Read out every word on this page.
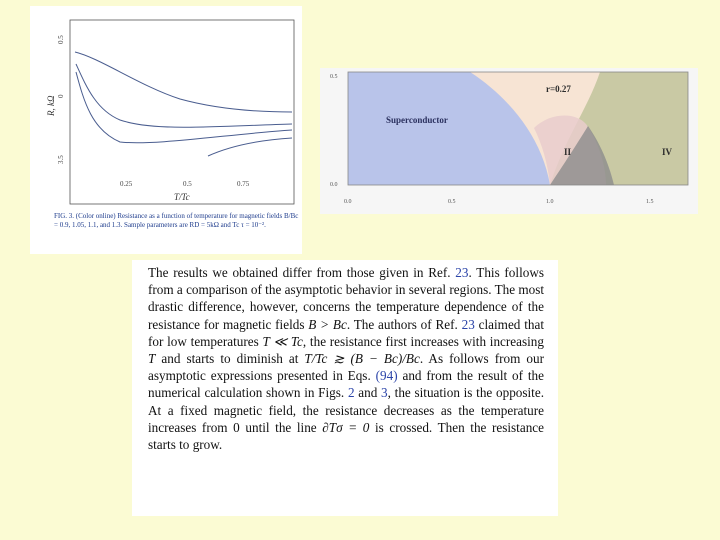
0.5
0
3.5
R, kΩ
0.25	0.5	0.75
T/Tc
FIG. 3. (Color online) Resistance as a function of temperature for magnetic fields B/Bc = 0.9, 1.05, 1.1, and 1.3. Sample parameters are RD = 5kΩ and Tc τ = 10⁻².
Superconductor
r=0.27
II	IV
0.5
0.0
0.0	0.5	1.0	1.5

The results we obtained differ from those given in Ref. 23. This follows from a comparison of the asymptotic behavior in several regions. The most drastic difference, however, concerns the temperature dependence of the resistance for magnetic fields B > Bc. The authors of Ref. 23 claimed that for low temperatures T ≪ Tc, the resistance first increases with increasing T and starts to diminish at T/Tc ≳ (B − Bc)/Bc. As follows from our asymptotic expressions presented in Eqs. (94) and from the result of the numerical calculation shown in Figs. 2 and 3, the situation is the opposite. At a fixed magnetic field, the resistance decreases as the temperature increases from 0 until the line ∂Tσ = 0 is crossed. Then the resistance starts to grow.
